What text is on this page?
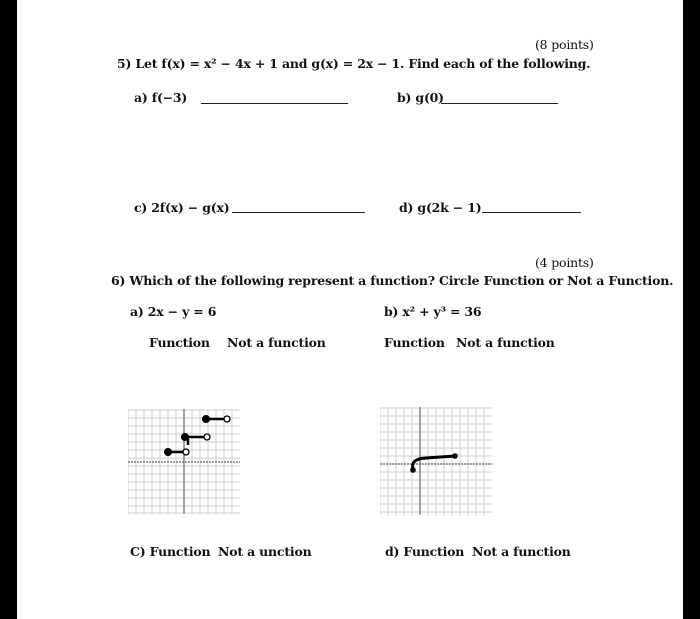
(8 points)
5) Let f(x) = x² − 4x + 1 and g(x) = 2x − 1. Find each of the following.
a) f(−3)	b) g(0)
c) 2f(x) − g(x)	d) g(2k − 1)
(4 points)
6) Which of the following represent a function? Circle Function or Not a Function.
a) 2x − y = 6	b) x² + y³ = 36
Function Not a function	Function Not a function
C) Function Not a unction	d) Function Not a function
